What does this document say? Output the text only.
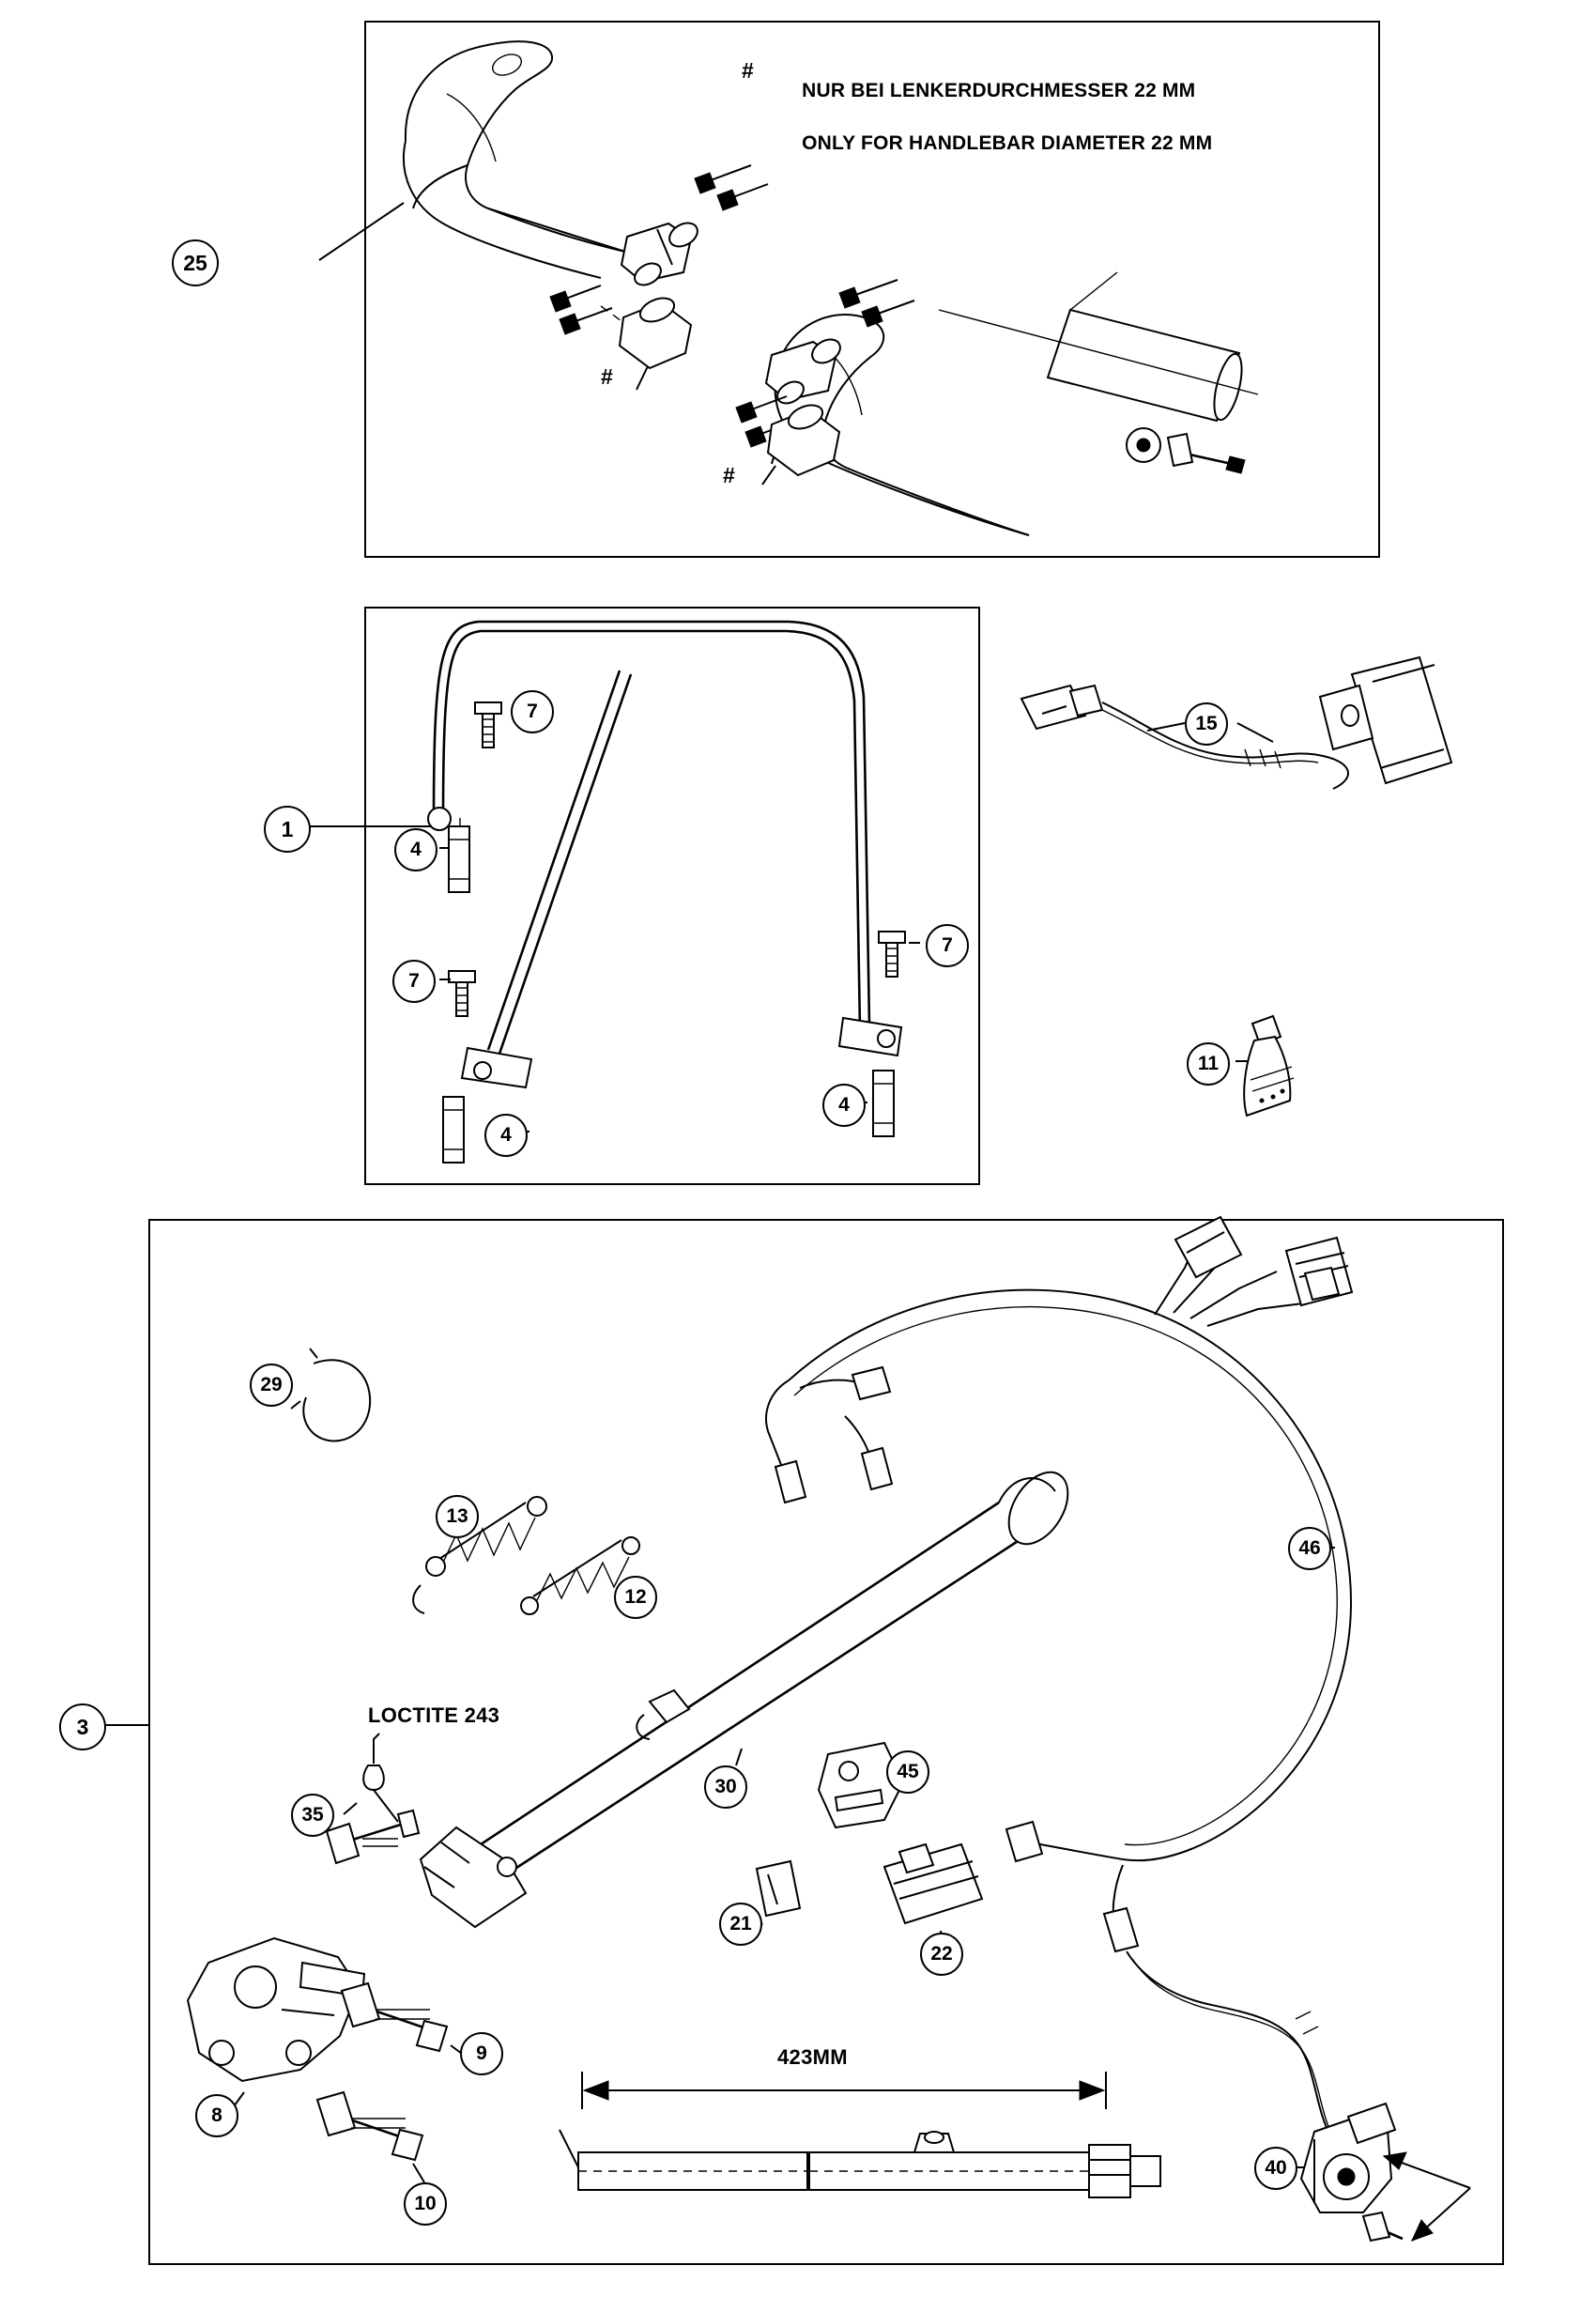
NUR BEI LENKERDURCHMESSER 22 MM

ONLY FOR HANDLEBAR DIAMETER 22 MM

#
25
#
#
1
7
4
7
4
7
4
15
11
3
29
13
12
46
35
30
45
21
22
8
9
10
40
LOCTITE 243
423MM
